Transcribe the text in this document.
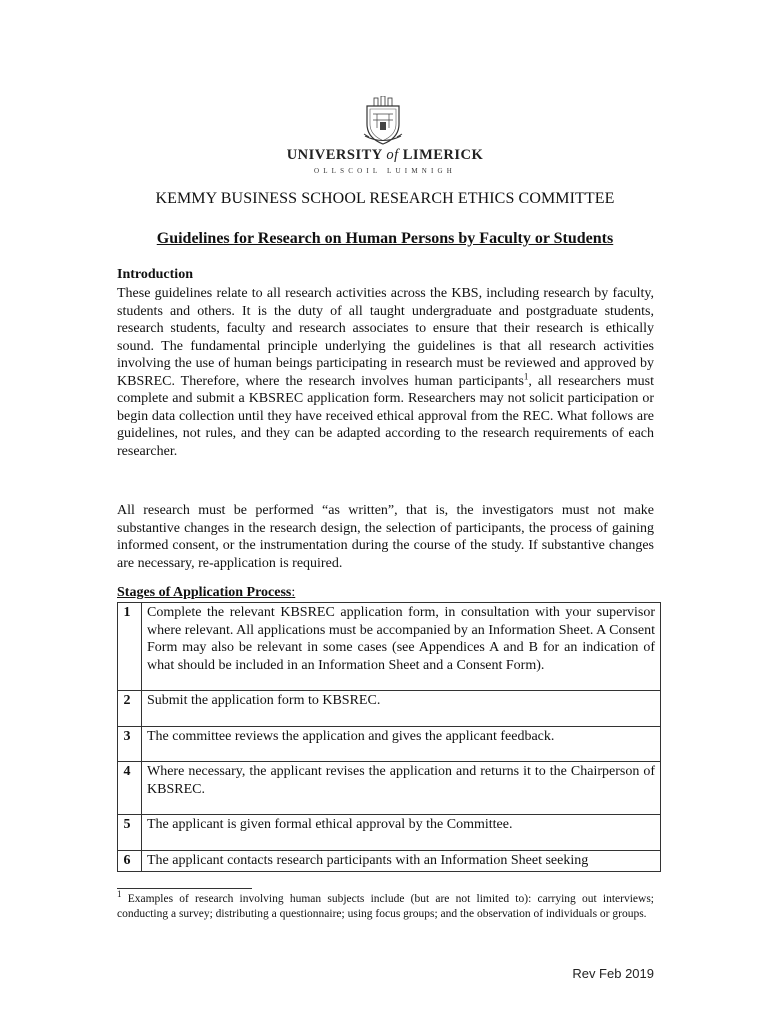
UNIVERSITY of LIMERICK
OLLSCOIL LUIMNIGH
KEMMY BUSINESS SCHOOL RESEARCH ETHICS COMMITTEE
Guidelines for Research on Human Persons by Faculty or Students
Introduction

These guidelines relate to all research activities across the KBS, including research by faculty, students and others. It is the duty of all taught undergraduate and postgraduate students, research students, faculty and research associates to ensure that their research is ethically sound. The fundamental principle underlying the guidelines is that all research activities involving the use of human beings participating in research must be reviewed and approved by KBSREC. Therefore, where the research involves human participants$^1$, all researchers must complete and submit a KBSREC application form. Researchers may not solicit participation or begin data collection until they have received ethical approval from the REC. What follows are guidelines, not rules, and they can be adapted according to the research requirements of each researcher.

All research must be performed “as written”, that is, the investigators must not make substantive changes in the research design, the selection of participants, the process of gaining informed consent, or the instrumentation during the course of the study. If substantive changes are necessary, re-application is required.

Stages of Application Process:
1	Complete the relevant KBSREC application form, in consultation with your supervisor where relevant. All applications must be accompanied by an Information Sheet. A Consent Form may also be relevant in some cases (see Appendices A and B for an indication of what should be included in an Information Sheet and a Consent Form).
2	Submit the application form to KBSREC.
3	The committee reviews the application and gives the applicant feedback.
4	Where necessary, the applicant revises the application and returns it to the Chairperson of KBSREC.
5	The applicant is given formal ethical approval by the Committee.
6	The applicant contacts research participants with an Information Sheet seeking

$^1$ Examples of research involving human subjects include (but are not limited to): carrying out interviews; conducting a survey; distributing a questionnaire; using focus groups; and the observation of individuals or groups.

Rev Feb 2019
